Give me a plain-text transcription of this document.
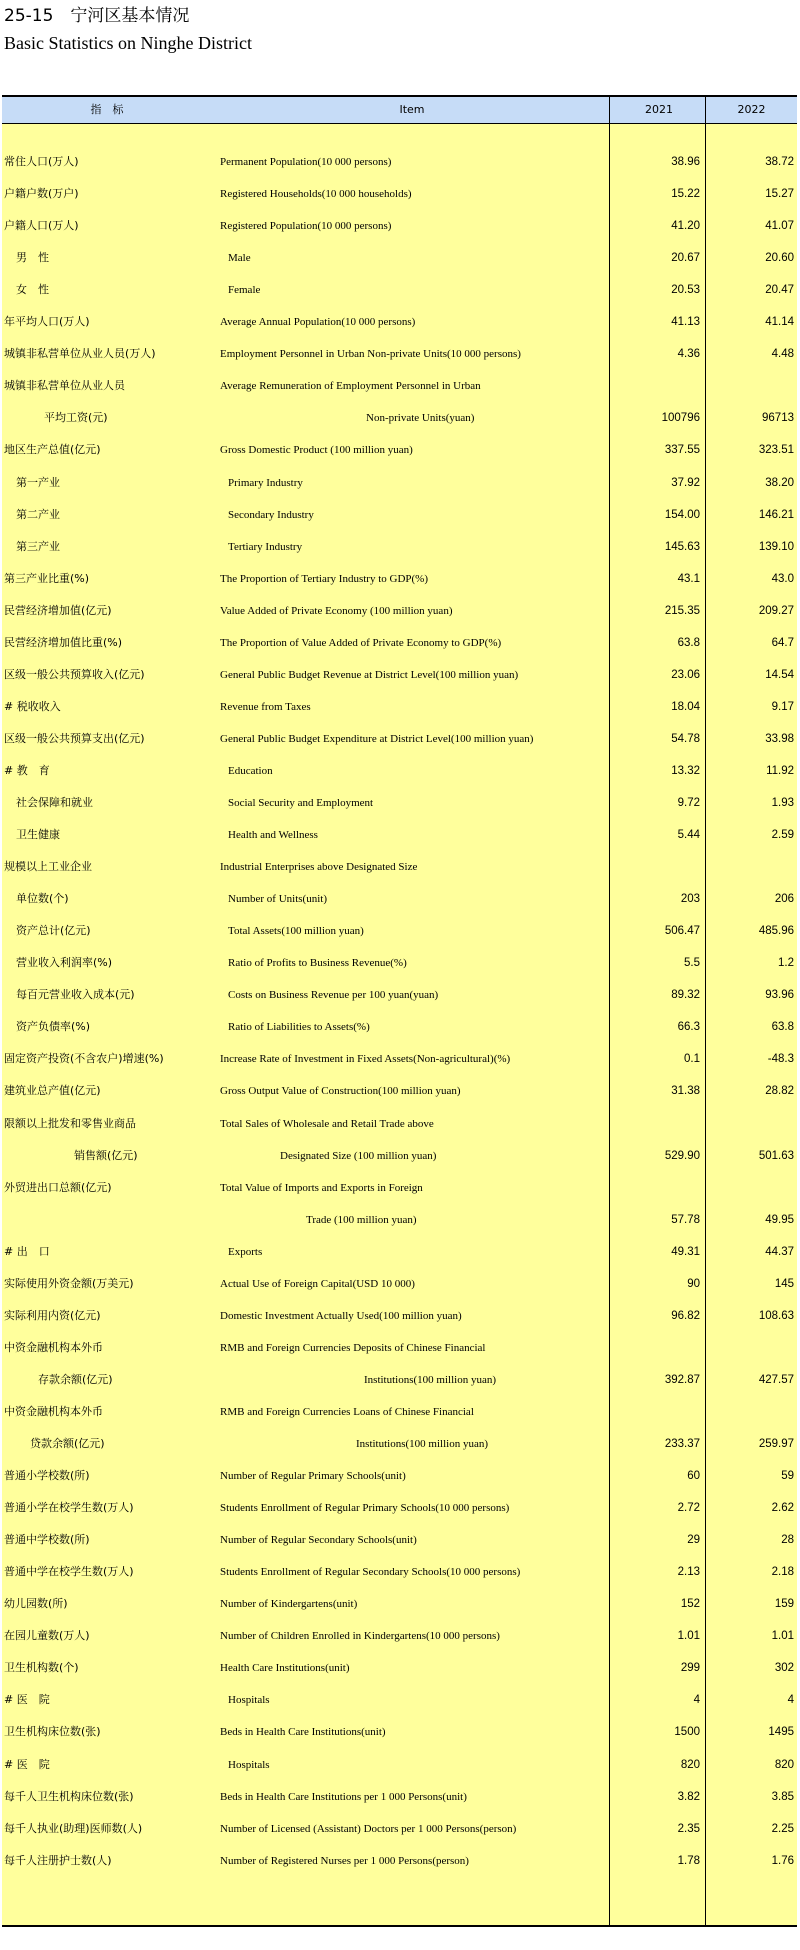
25-15　宁河区基本情况
Basic Statistics on Ninghe District
指　标	Item	2021	2022
常住人口(万人)	Permanent Population(10 000 persons)	38.96	38.72
户籍户数(万户)	Registered Households(10 000 households)	15.22	15.27
户籍人口(万人)	Registered Population(10 000 persons)	41.20	41.07
男　性	Male	20.67	20.60
女　性	Female	20.53	20.47
年平均人口(万人)	Average Annual Population(10 000 persons)	41.13	41.14
城镇非私营单位从业人员(万人)	Employment Personnel in Urban Non-private Units(10 000 persons)	4.36	4.48
城镇非私营单位从业人员	Average Remuneration of Employment Personnel in Urban
平均工资(元)	Non-private Units(yuan)	100796	96713
地区生产总值(亿元)	Gross Domestic Product (100 million yuan)	337.55	323.51
第一产业	Primary Industry	37.92	38.20
第二产业	Secondary Industry	154.00	146.21
第三产业	Tertiary Industry	145.63	139.10
第三产业比重(%)	The Proportion of Tertiary Industry to GDP(%)	43.1	43.0
民营经济增加值(亿元)	Value Added of Private Economy (100 million yuan)	215.35	209.27
民营经济增加值比重(%)	The Proportion of Value Added of Private Economy to GDP(%)	63.8	64.7
区级一般公共预算收入(亿元)	General Public Budget Revenue at District Level(100 million yuan)	23.06	14.54
# 税收收入	Revenue from Taxes	18.04	9.17
区级一般公共预算支出(亿元)	General Public Budget Expenditure at District Level(100 million yuan)	54.78	33.98
# 教　育	Education	13.32	11.92
社会保障和就业	Social Security and Employment	9.72	1.93
卫生健康	Health and Wellness	5.44	2.59
规模以上工业企业	Industrial Enterprises above Designated Size
单位数(个)	Number of Units(unit)	203	206
资产总计(亿元)	Total Assets(100 million yuan)	506.47	485.96
营业收入利润率(%)	Ratio of Profits to Business Revenue(%)	5.5	1.2
每百元营业收入成本(元)	Costs on Business Revenue per 100 yuan(yuan)	89.32	93.96
资产负债率(%)	Ratio of Liabilities to Assets(%)	66.3	63.8
固定资产投资(不含农户)增速(%)	Increase Rate of Investment in Fixed Assets(Non-agricultural)(%)	0.1	-48.3
建筑业总产值(亿元)	Gross Output Value of Construction(100 million yuan)	31.38	28.82
限额以上批发和零售业商品	Total Sales of Wholesale and Retail Trade above
销售额(亿元)	Designated Size (100 million yuan)	529.90	501.63
外贸进出口总额(亿元)	Total Value of Imports and Exports in Foreign
Trade (100 million yuan)	57.78	49.95
# 出　口	Exports	49.31	44.37
实际使用外资金额(万美元)	Actual Use of Foreign Capital(USD 10 000)	90	145
实际利用内资(亿元)	Domestic Investment Actually Used(100 million yuan)	96.82	108.63
中资金融机构本外币	RMB and Foreign Currencies Deposits of Chinese Financial
存款余额(亿元)	Institutions(100 million yuan)	392.87	427.57
中资金融机构本外币	RMB and Foreign Currencies Loans of Chinese Financial
贷款余额(亿元)	Institutions(100 million yuan)	233.37	259.97
普通小学校数(所)	Number of Regular Primary Schools(unit)	60	59
普通小学在校学生数(万人)	Students Enrollment of Regular Primary Schools(10 000 persons)	2.72	2.62
普通中学校数(所)	Number of Regular Secondary Schools(unit)	29	28
普通中学在校学生数(万人)	Students Enrollment of Regular Secondary Schools(10 000 persons)	2.13	2.18
幼儿园数(所)	Number of Kindergartens(unit)	152	159
在园儿童数(万人)	Number of Children Enrolled in Kindergartens(10 000 persons)	1.01	1.01
卫生机构数(个)	Health Care Institutions(unit)	299	302
# 医　院	Hospitals	4	4
卫生机构床位数(张)	Beds in Health Care Institutions(unit)	1500	1495
# 医　院	Hospitals	820	820
每千人卫生机构床位数(张)	Beds in Health Care Institutions per 1 000 Persons(unit)	3.82	3.85
每千人执业(助理)医师数(人)	Number of Licensed (Assistant) Doctors per 1 000 Persons(person)	2.35	2.25
每千人注册护士数(人)	Number of Registered Nurses per 1 000 Persons(person)	1.78	1.76
